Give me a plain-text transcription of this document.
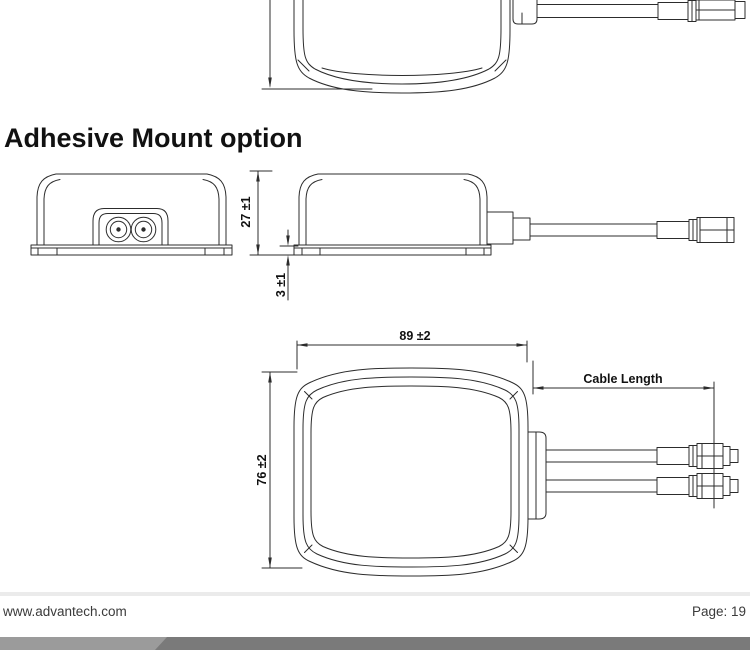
27 ±1
3 ±1
89 ±2
Cable Length
76 ±2
Adhesive Mount option
www.advantech.com	Page: 19
